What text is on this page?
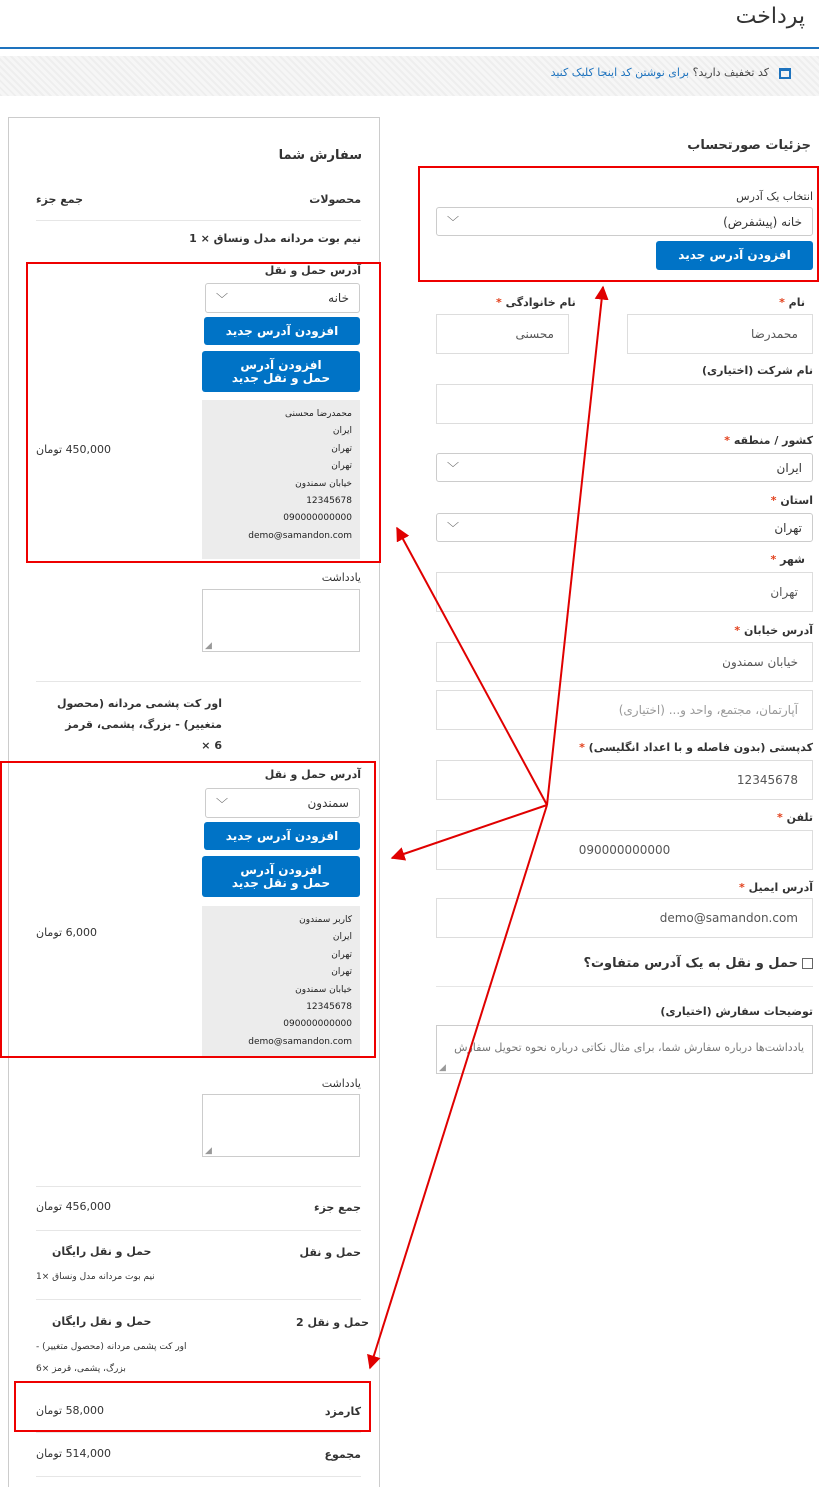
پرداخت
کد تخفیف دارید؟ برای نوشتن کد اینجا کلیک کنید
جزئیات صورتحساب
انتخاب یک آدرس
خانه (پیشفرض)
﹀
افزودن آدرس جدید
نام *
نام خانوادگی *
محمدرضا
محسنی
نام شرکت (اختیاری)
کشور / منطقه *
ایران
﹀
استان *
تهران
﹀
شهر *
تهران
آدرس خیابان *
خیابان سمندون
آپارتمان، مجتمع، واحد و... (اختیاری)
کدپستی (بدون فاصله و با اعداد انگلیسی) *
12345678
تلفن *
090000000000
آدرس ایمیل *
demo@samandon.com
حمل و نقل به یک آدرس متفاوت؟
توضیحات سفارش (اختیاری)
یادداشت‌ها درباره سفارش شما، برای مثال نکاتی درباره نحوه تحویل سفارش
◢
سفارش شما
محصولات
جمع جزء
نیم بوت مردانه مدل ونساق × 1
آدرس حمل و نقل
خانه
﹀
افزودن آدرس جدید
افزودن آدرس حمل و نقل جدید
محمدرضا محسنی
ایران
تهران
تهران
خیابان سمندون
12345678
090000000000
demo@samandon.com
450,000 تومان
یادداشت
◢
اور کت پشمی مردانه (محصول
متغییر) - بزرگ، پشمی، قرمز
6 ×
آدرس حمل و نقل
سمندون
﹀
افزودن آدرس جدید
افزودن آدرس حمل و نقل جدید
کاربر سمندون
ایران
تهران
تهران
خیابان سمندون
12345678
090000000000
demo@samandon.com
6,000 تومان
یادداشت
◢
جمع جزء
456,000 تومان
حمل و نقل
حمل و نقل رایگان
نیم بوت مردانه مدل ونساق ×1
حمل و نقل 2
حمل و نقل رایگان
اور کت پشمی مردانه (محصول متغییر) -
بزرگ، پشمی، قرمز ×6
کارمزد
58,000 تومان
مجموع
514,000 تومان
